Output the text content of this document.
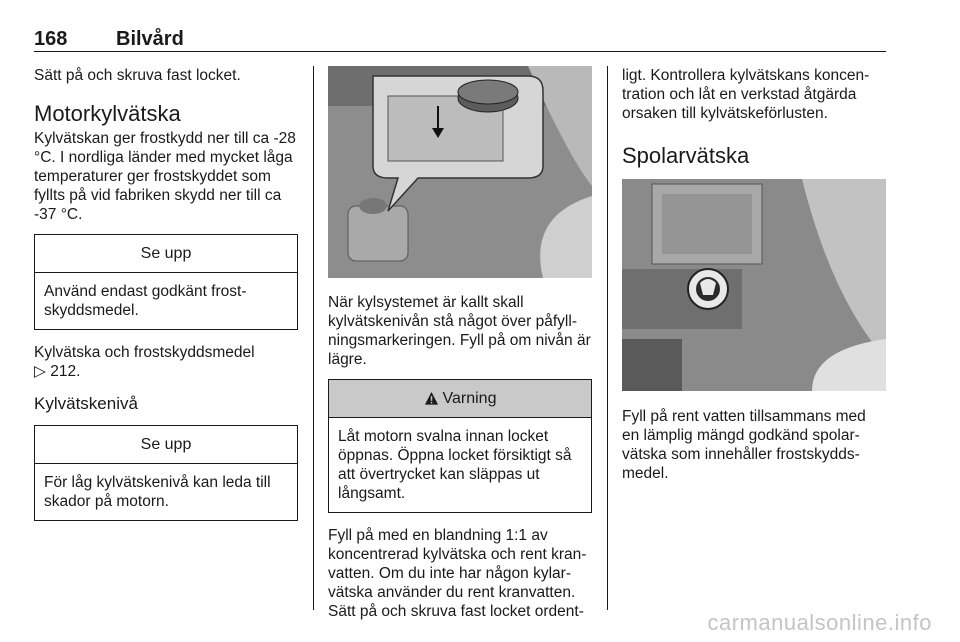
168 Bilvård
Sätt på och skruva fast locket.
Motorkylvätska
Kylvätskan ger frostkydd ner till ca -28 °C. I nordliga länder med mycket låga temperaturer ger frostskyddet som fyllts på vid fabriken skydd ner till ca -37 °C.
Se upp
Använd endast godkänt frostskyddsmedel.
Kylvätska och frostskyddsmedel
▷ 212.
Kylvätskenivå
Se upp
För låg kylvätskenivå kan leda till skador på motorn.
När kylsystemet är kallt skall kylvätskenivån stå något över påfyllningsmarkeringen. Fyll på om nivån är lägre.
Varning
Låt motorn svalna innan locket öppnas. Öppna locket försiktigt så att övertrycket kan släppas ut långsamt.
Fyll på med en blandning 1:1 av koncentrerad kylvätska och rent kranvatten. Om du inte har någon kylarvätska använder du rent kranvatten. Sätt på och skruva fast locket ordent-
ligt. Kontrollera kylvätskans koncentration och låt en verkstad åtgärda orsaken till kylvätskeförlusten.
Spolarvätska
Fyll på rent vatten tillsammans med en lämplig mängd godkänd spolarvätska som innehåller frostskyddsmedel.
carmanualsonline.info
